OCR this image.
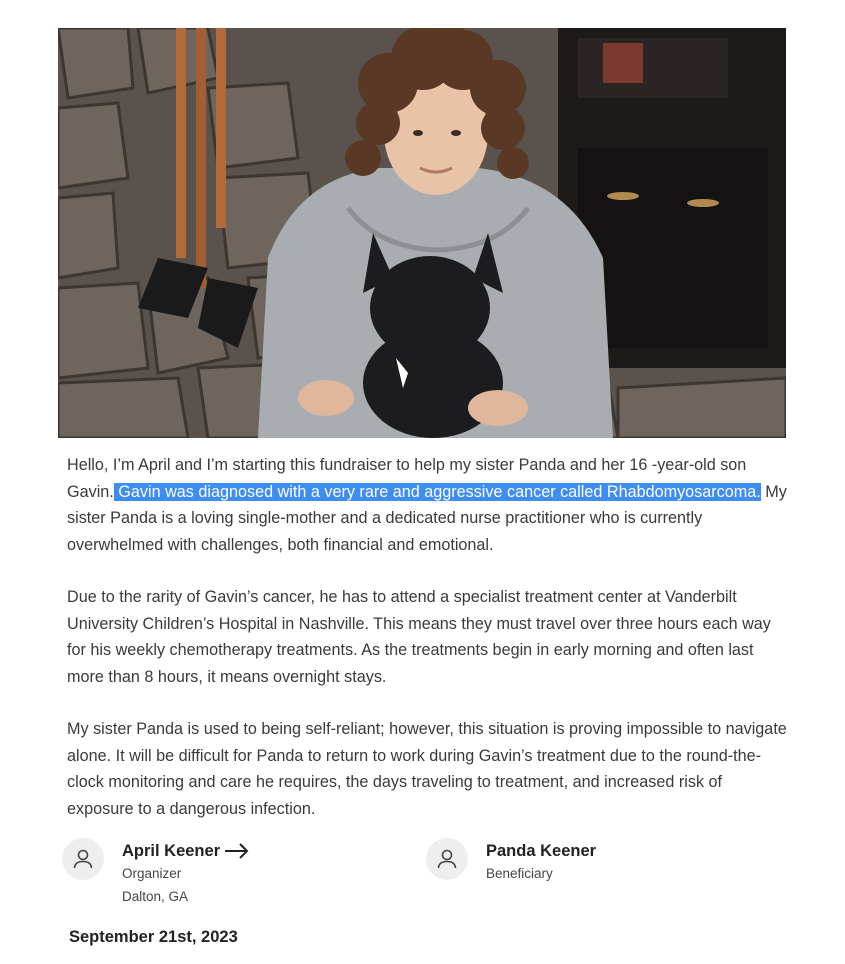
Hello, I’m April and I’m starting this fundraiser to help my sister Panda and her 16 -year-old son Gavin. Gavin was diagnosed with a very rare and aggressive cancer called Rhabdomyosarcoma. My sister Panda is a loving single-mother and a dedicated nurse practitioner who is currently overwhelmed with challenges, both financial and emotional.

Due to the rarity of Gavin’s cancer, he has to attend a specialist treatment center at Vanderbilt University Children’s Hospital in Nashville. This means they must travel over three hours each way for his weekly chemotherapy treatments. As the treatments begin in early morning and often last more than 8 hours, it means overnight stays.

My sister Panda is used to being self-reliant; however, this situation is proving impossible to navigate alone. It will be difficult for Panda to return to work during Gavin’s treatment due to the round-the-clock monitoring and care he requires, the days traveling to treatment, and increased risk of exposure to a dangerous infection.

April Keener
Organizer
Dalton, GA
Panda Keener
Beneficiary
September 21st, 2023
